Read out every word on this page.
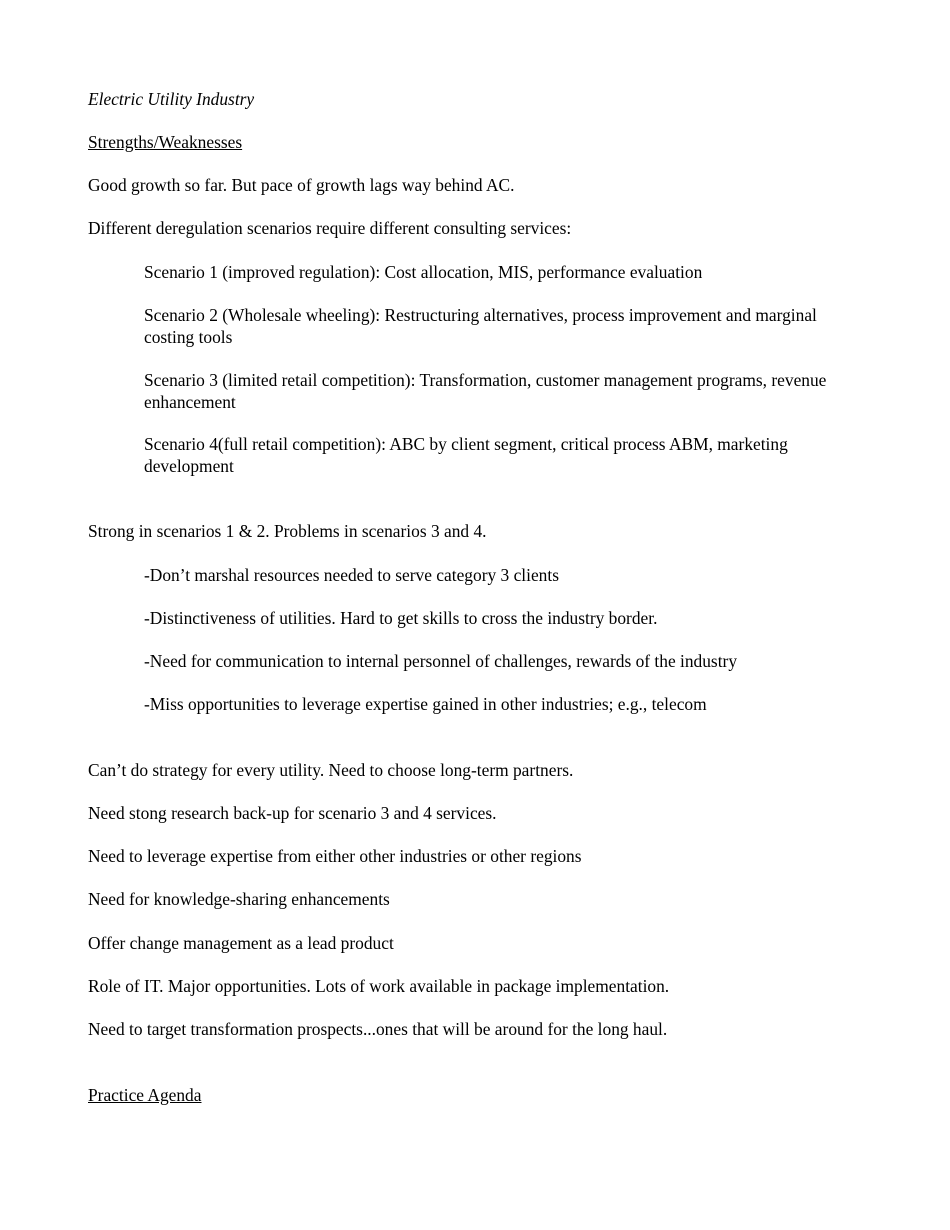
Electric Utility Industry

Strengths/Weaknesses

Good growth so far. But pace of growth lags way behind AC.

Different deregulation scenarios require different consulting services:

Scenario 1 (improved regulation): Cost allocation, MIS, performance evaluation

Scenario 2 (Wholesale wheeling): Restructuring alternatives, process improvement and marginal costing tools

Scenario 3 (limited retail competition): Transformation, customer management programs, revenue enhancement

Scenario 4(full retail competition): ABC by client segment, critical process ABM, marketing development

Strong in scenarios 1 & 2. Problems in scenarios 3 and 4.

-Don’t marshal resources needed to serve category 3 clients

-Distinctiveness of utilities. Hard to get skills to cross the industry border.

-Need for communication to internal personnel of challenges, rewards of the industry

-Miss opportunities to leverage expertise gained in other industries; e.g., telecom

Can’t do strategy for every utility. Need to choose long-term partners.

Need stong research back-up for scenario 3 and 4 services.

Need to leverage expertise from either other industries or other regions

Need for knowledge-sharing enhancements

Offer change management as a lead product

Role of IT. Major opportunities. Lots of work available in package implementation.

Need to target transformation prospects...ones that will be around for the long haul.

Practice Agenda
